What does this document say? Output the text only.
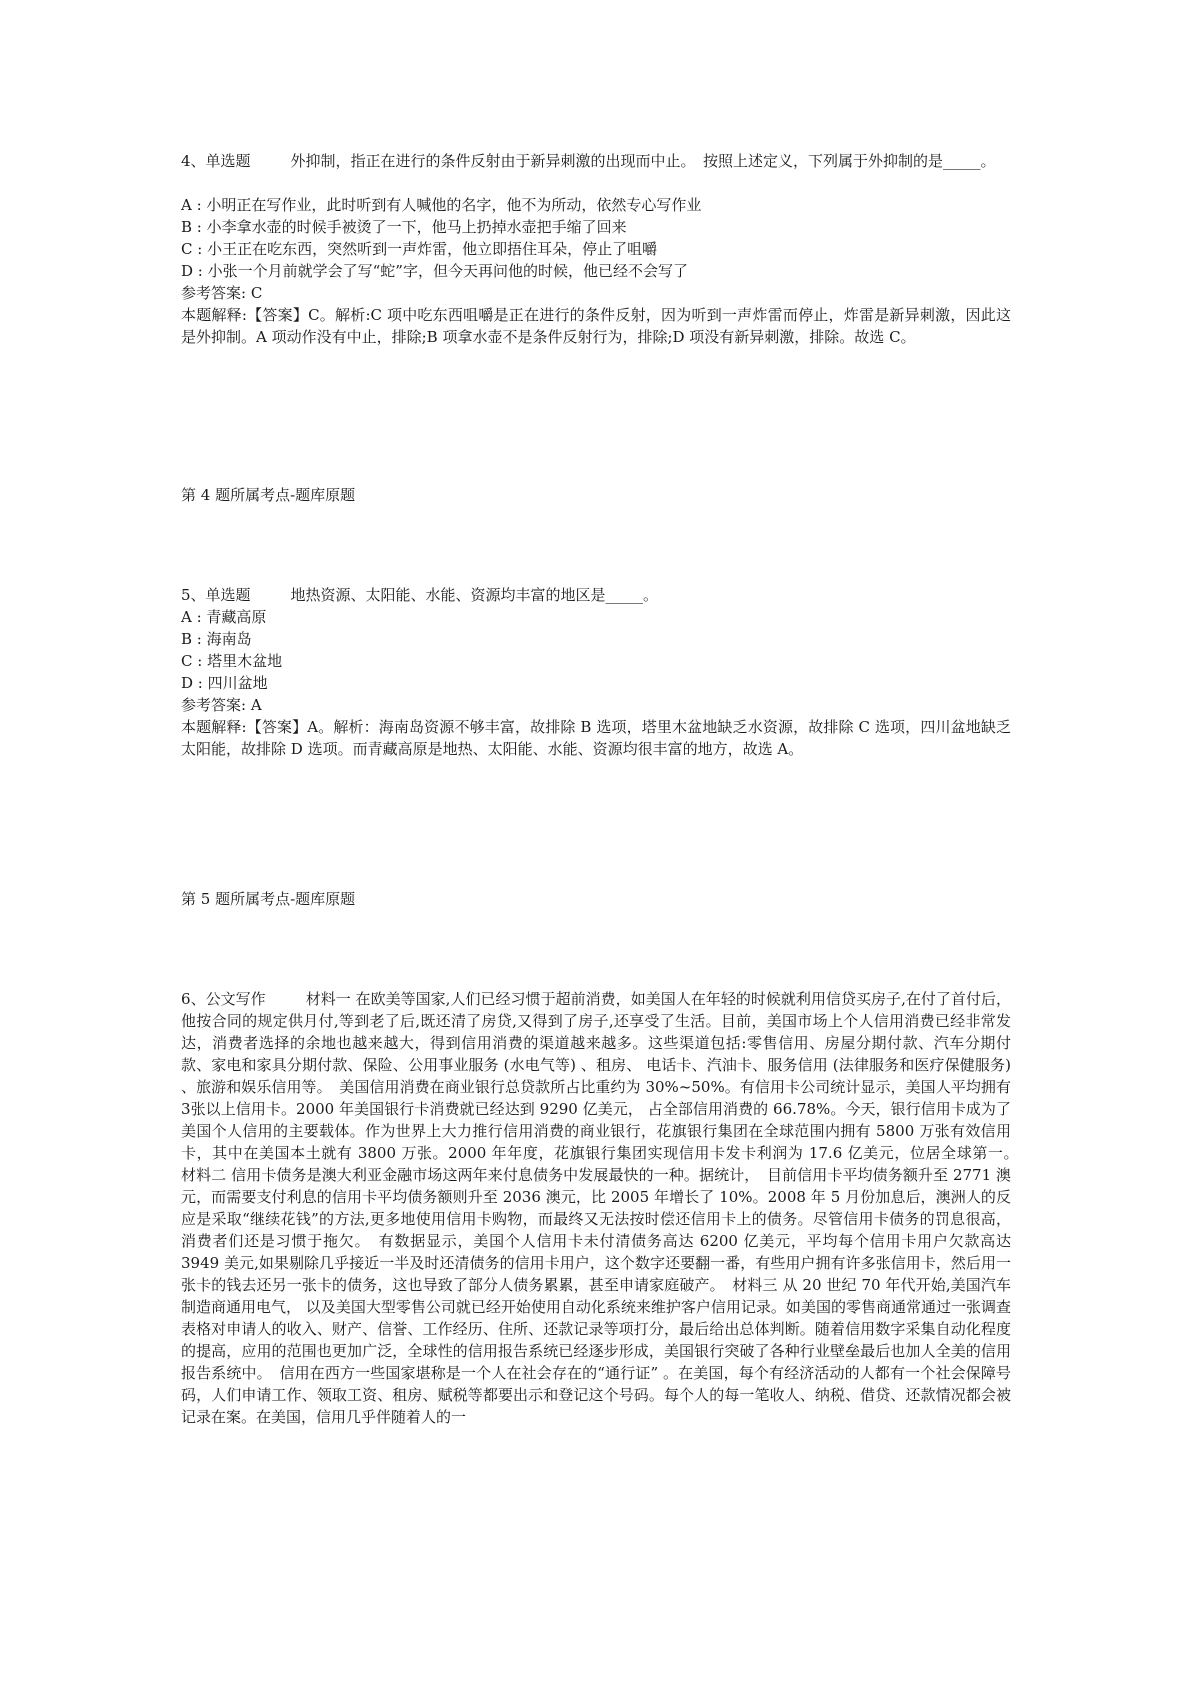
4、单选题	外抑制，指正在进行的条件反射由于新异刺激的出现而中止。　按照上述定义，下列属于外抑制的是_____。
A : 小明正在写作业，此时听到有人喊他的名字，他不为所动，依然专心写作业
B : 小李拿水壶的时候手被烫了一下，他马上扔掉水壶把手缩了回来
C : 小王正在吃东西，突然听到一声炸雷，他立即捂住耳朵，停止了咀嚼
D : 小张一个月前就学会了写“蛇”字，但今天再问他的时候，他已经不会写了
参考答案: C
本题解释:【答案】C。解析:C 项中吃东西咀嚼是正在进行的条件反射，因为听到一声炸雷而停止，炸雷是新异刺激，因此这是外抑制。A 项动作没有中止，排除;B 项拿水壶不是条件反射行为，排除;D 项没有新异刺激，排除。故选 C。
第 4 题所属考点-题库原题
5、单选题	地热资源、太阳能、水能、资源均丰富的地区是_____。
A : 青藏高原
B : 海南岛
C : 塔里木盆地
D : 四川盆地
参考答案: A
本题解释:【答案】A。解析：海南岛资源不够丰富，故排除 B 选项，塔里木盆地缺乏水资源，故排除 C 选项，四川盆地缺乏太阳能，故排除 D 选项。而青藏高原是地热、太阳能、水能、资源均很丰富的地方，故选 A。
第 5 题所属考点-题库原题
6、公文写作	材料一 在欧美等国家,人们已经习惯于超前消费，如美国人在年轻的时候就利用信贷买房子,在付了首付后，他按合同的规定供月付,等到老了后,既还清了房贷,又得到了房子,还享受了生活。目前，美国市场上个人信用消费已经非常发达，消费者选择的余地也越来越大，得到信用消费的渠道越来越多。这些渠道包括:零售信用、房屋分期付款、汽车分期付款、家电和家具分期付款、保险、公用事业服务 (水电气等) 、租房、 电话卡、汽油卡、服务信用 (法律服务和医疗保健服务) 、旅游和娱乐信用等。　美国信用消费在商业银行总贷款所占比重约为 30%~50%。有信用卡公司统计显示，美国人平均拥有 3张以上信用卡。2000 年美国银行卡消费就已经达到 9290 亿美元， 占全部信用消费的 66.78%。今天，银行信用卡成为了美国个人信用的主要载体。作为世界上大力推行信用消费的商业银行，花旗银行集团在全球范围内拥有 5800 万张有效信用卡，其中在美国本土就有 3800 万张。2000 年年度，花旗银行集团实现信用卡发卡利润为 17.6 亿美元，位居全球第一。　材料二 信用卡债务是澳大利亚金融市场这两年来付息债务中发展最快的一种。据统计，　目前信用卡平均债务额升至 2771 澳元，而需要支付利息的信用卡平均债务额则升至 2036 澳元，比 2005 年增长了 10%。2008 年 5 月份加息后，澳洲人的反应是采取“继续花钱”的方法,更多地使用信用卡购物，而最终又无法按时偿还信用卡上的债务。尽管信用卡债务的罚息很高，消费者们还是习惯于拖欠。　有数据显示，美国个人信用卡未付清债务高达 6200 亿美元，平均每个信用卡用户欠款高达 3949 美元,如果剔除几乎接近一半及时还清债务的信用卡用户，这个数字还要翻一番，有些用户拥有许多张信用卡，然后用一张卡的钱去还另一张卡的债务，这也导致了部分人债务累累，甚至申请家庭破产。　材料三 从 20 世纪 70 年代开始,美国汽车制造商通用电气， 以及美国大型零售公司就已经开始使用自动化系统来维护客户信用记录。如美国的零售商通常通过一张调查表格对申请人的收入、财产、信誉、工作经历、住所、还款记录等项打分，最后给出总体判断。随着信用数字采集自动化程度的提高，应用的范围也更加广泛，全球性的信用报告系统已经逐步形成，美国银行突破了各种行业壁垒最后也加人全美的信用报告系统中。　信用在西方一些国家堪称是一个人在社会存在的“通行证” 。在美国，每个有经济活动的人都有一个社会保障号码，人们申请工作、领取工资、租房、赋税等都要出示和登记这个号码。每个人的每一笔收人、纳税、借贷、还款情况都会被记录在案。在美国，信用几乎伴随着人的一
